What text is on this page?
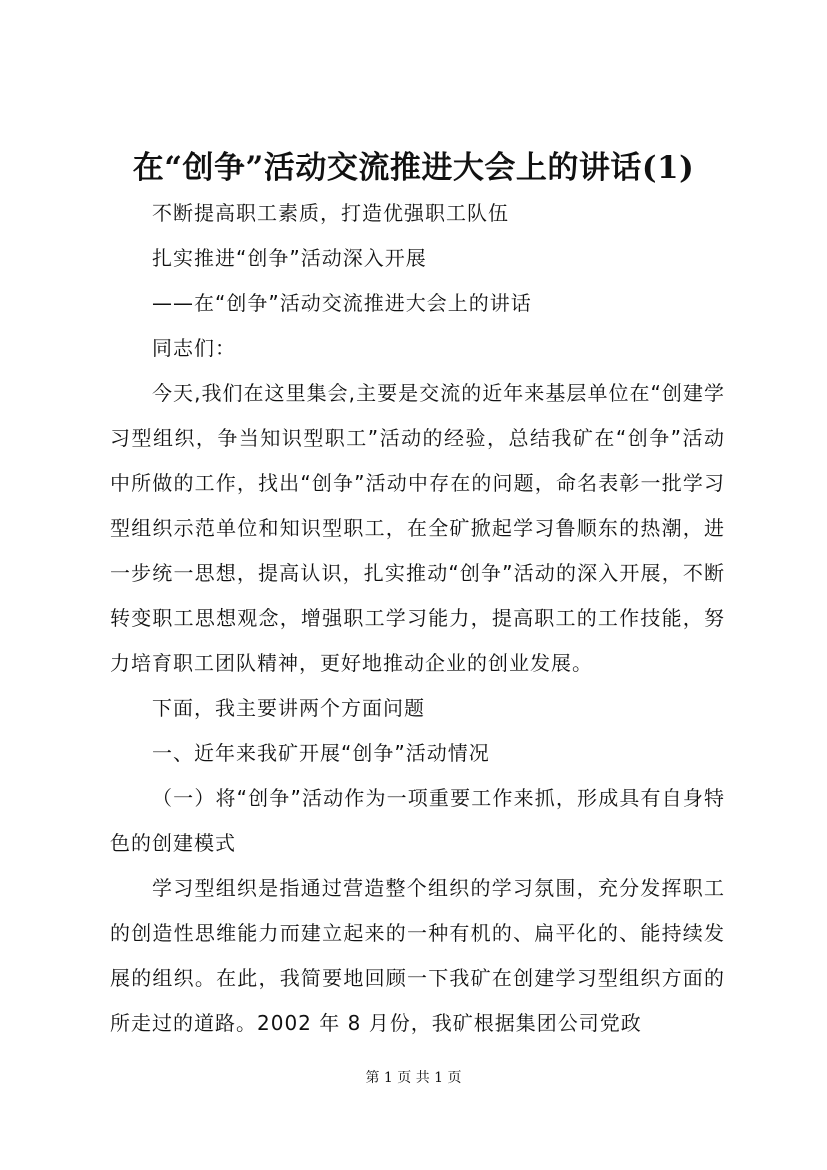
在“创争”活动交流推进大会上的讲话(1)

不断提高职工素质，打造优强职工队伍

扎实推进“创争”活动深入开展

——在“创争”活动交流推进大会上的讲话

同志们：

今天,我们在这里集会,主要是交流的近年来基层单位在“创建学习型组织，争当知识型职工”活动的经验，总结我矿在“创争”活动中所做的工作，找出“创争”活动中存在的问题，命名表彰一批学习型组织示范单位和知识型职工，在全矿掀起学习鲁顺东的热潮，进一步统一思想，提高认识，扎实推动“创争”活动的深入开展，不断转变职工思想观念，增强职工学习能力，提高职工的工作技能，努力培育职工团队精神，更好地推动企业的创业发展。

下面，我主要讲两个方面问题

一、近年来我矿开展“创争”活动情况

（一）将“创争”活动作为一项重要工作来抓，形成具有自身特色的创建模式

学习型组织是指通过营造整个组织的学习氛围，充分发挥职工的创造性思维能力而建立起来的一种有机的、扁平化的、能持续发展的组织。在此，我简要地回顾一下我矿在创建学习型组织方面的所走过的道路。2002 年 8 月份，我矿根据集团公司党政

第 1 页 共 1 页
